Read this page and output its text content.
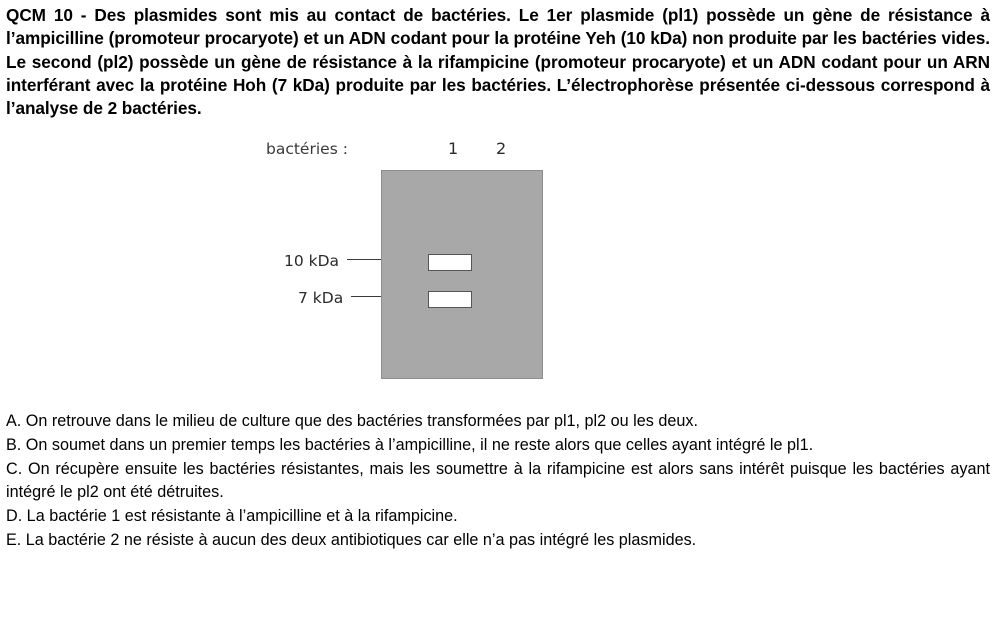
QCM 10 - Des plasmides sont mis au contact de bactéries. Le 1er plasmide (pl1) possède un gène de résistance à l’ampicilline (promoteur procaryote) et un ADN codant pour la protéine Yeh (10 kDa) non produite par les bactéries vides. Le second (pl2) possède un gène de résistance à la rifampicine (promoteur procaryote) et un ADN codant pour un ARN interférant avec la protéine Hoh (7 kDa) produite par les bactéries. L’électrophorèse présentée ci-dessous correspond à l’analyse de 2 bactéries.

bactéries :	1 2
10 kDa
7 kDa

A. On retrouve dans le milieu de culture que des bactéries transformées par pl1, pl2 ou les deux.

B. On soumet dans un premier temps les bactéries à l’ampicilline, il ne reste alors que celles ayant intégré le pl1.

C. On récupère ensuite les bactéries résistantes, mais les soumettre à la rifampicine est alors sans intérêt puisque les bactéries ayant intégré le pl2 ont été détruites.

D. La bactérie 1 est résistante à l’ampicilline et à la rifampicine.

E. La bactérie 2 ne résiste à aucun des deux antibiotiques car elle n’a pas intégré les plasmides.
